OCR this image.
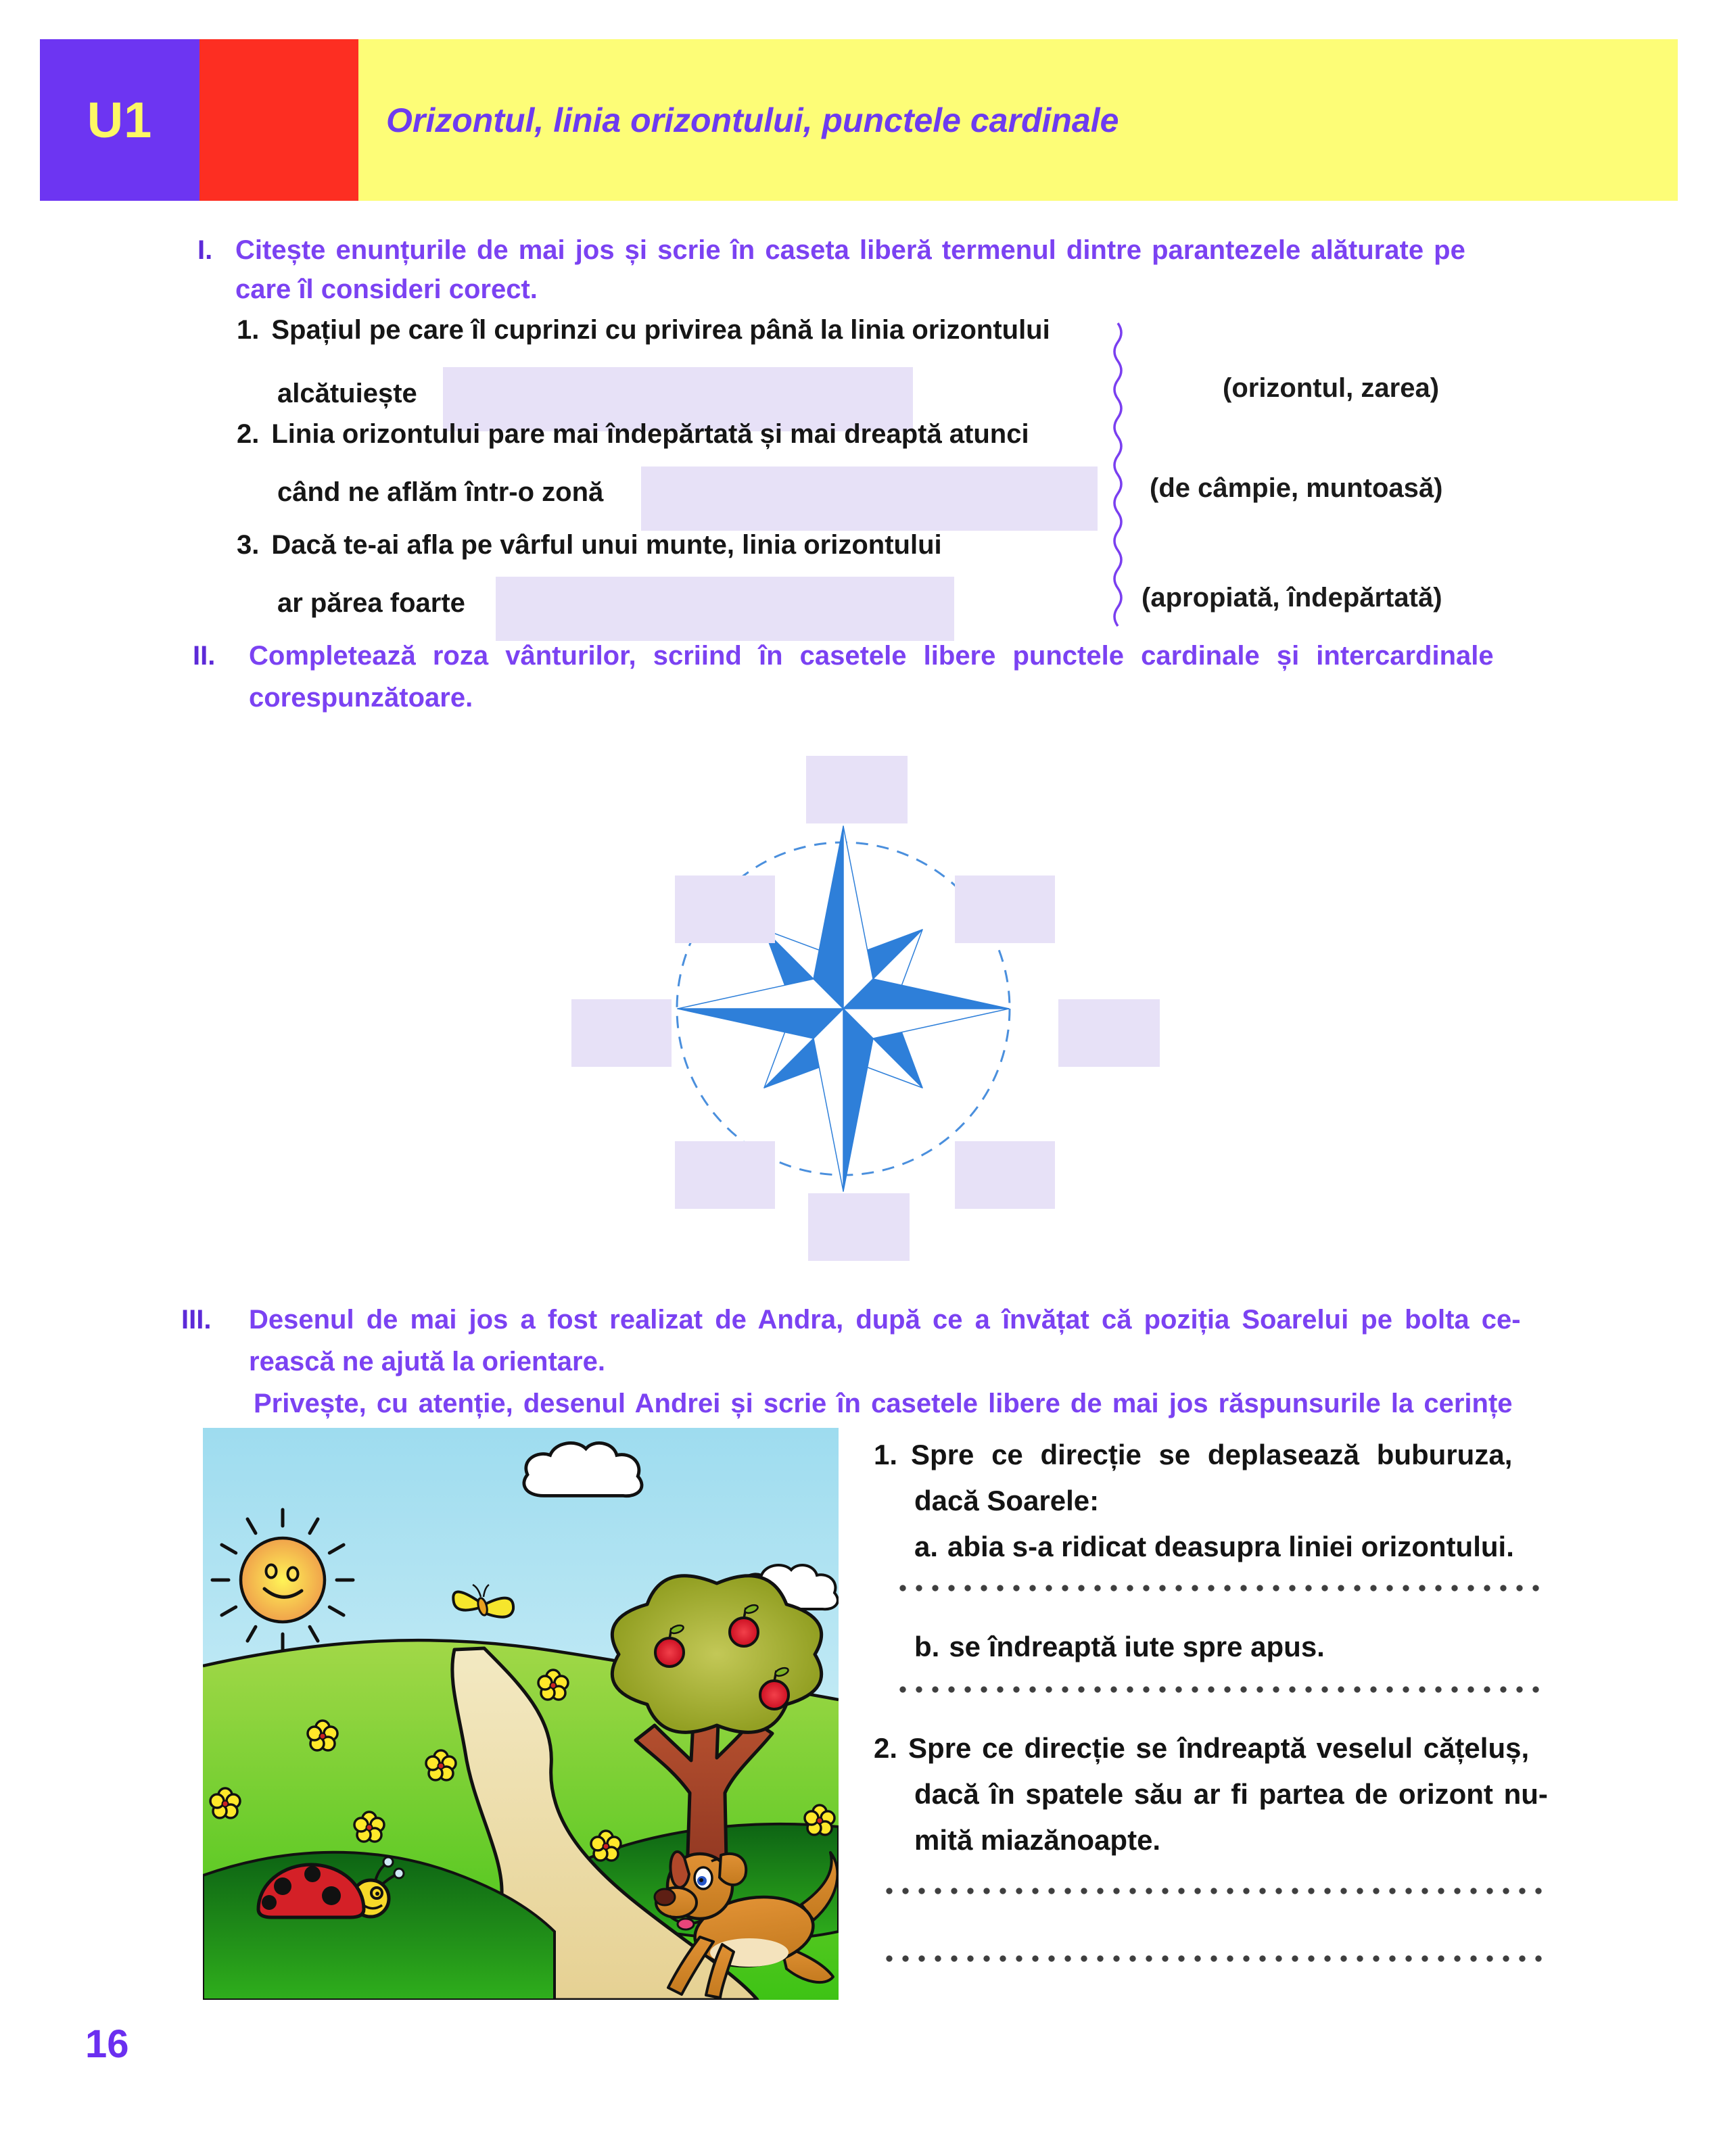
U1	Orizontul, linia orizontului, punctele cardinale
I. Citește enunțurile de mai jos și scrie în caseta liberă termenul dintre parantezele alăturate pe
care îl consideri corect.
1. Spațiul pe care îl cuprinzi cu privirea până la linia orizontului
alcătuiește	(orizontul, zarea)
2. Linia orizontului pare mai îndepărtată și mai dreaptă atunci
când ne aflăm într-o zonă	(de câmpie, muntoasă)
3. Dacă te-ai afla pe vârful unui munte, linia orizontului
ar părea foarte	(apropiată, îndepărtată)
II. Completează roza vânturilor, scriind în casetele libere punctele cardinale și intercardinale
corespunzătoare.
III. Desenul de mai jos a fost realizat de Andra, după ce a învățat că poziția Soarelui pe bolta ce-
rească ne ajută la orientare.
Privește, cu atenție, desenul Andrei și scrie în casetele libere de mai jos răspunsurile la cerințe
1. Spre ce direcție se deplasează buburuza,
dacă Soarele:
a. abia s-a ridicat deasupra liniei orizontului.
b. se îndreaptă iute spre apus.
2. Spre ce direcție se îndreaptă veselul cățeluș,
dacă în spatele său ar fi partea de orizont nu-
mită miazănoapte.
16
